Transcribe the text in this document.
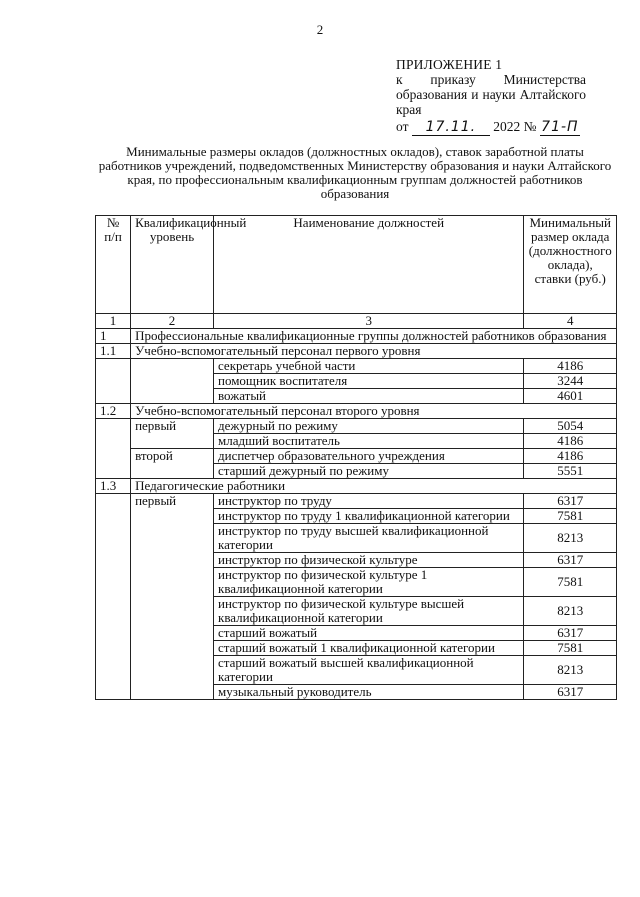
2
ПРИЛОЖЕНИЕ 1
к приказу Министерства образования и науки Алтайского края
от 17.11. 2022 № 71-П
Минимальные размеры окладов (должностных окладов), ставок заработной платы работников учреждений, подведомственных Министерству образования и науки Алтайского края, по профессиональным квалификационным группам должностей работников образования
№ п/п	Квалификационный уровень	Наименование должностей	Минимальный размер оклада (должностного оклада), ставки (руб.)
1	2	3	4
1	Профессиональные квалификационные группы должностей работников образования		
1.1	Учебно-вспомогательный персонал первого уровня		
		секретарь учебной части	4186
		помощник воспитателя	3244
		вожатый	4601
1.2	Учебно-вспомогательный персонал второго уровня		
	первый	дежурный по режиму	5054
		младший воспитатель	4186
	второй	диспетчер образовательного учреждения	4186
		старший дежурный по режиму	5551
1.3	Педагогические работники		
	первый	инструктор по труду	6317
		инструктор по труду 1 квалификационной категории	7581
		инструктор по труду высшей квалификационной категории	8213
		инструктор по физической культуре	6317
		инструктор по физической культуре 1 квалификационной категории	7581
		инструктор по физической культуре высшей квалификационной категории	8213
		старший вожатый	6317
		старший вожатый 1 квалификационной категории	7581
		старший вожатый высшей квалификационной категории	8213
		музыкальный руководитель	6317
